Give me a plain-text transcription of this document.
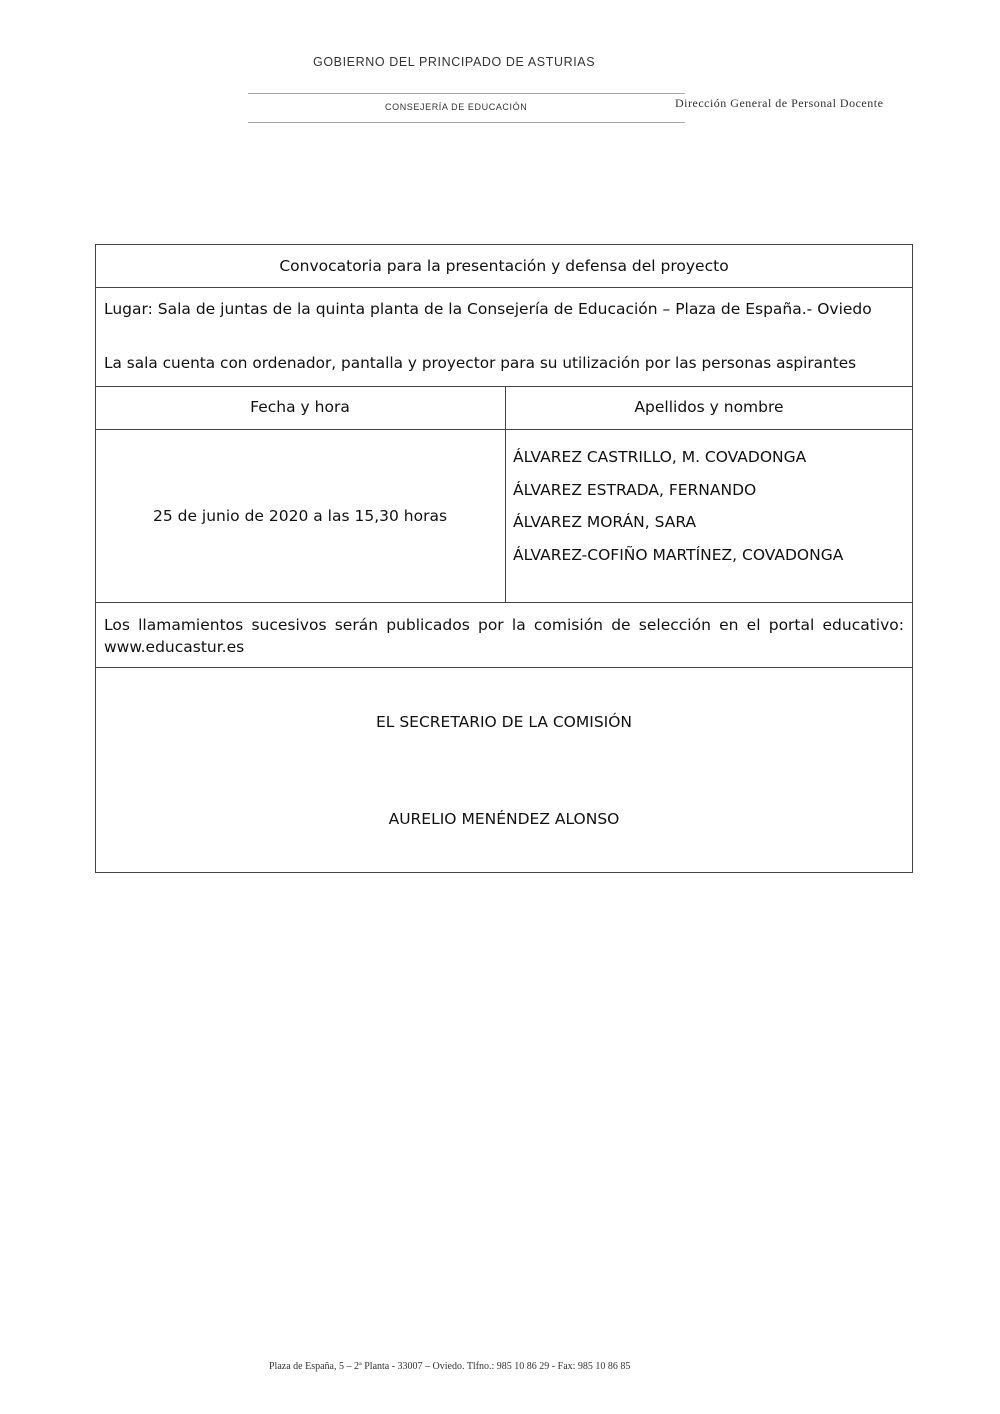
GOBIERNO DEL PRINCIPADO DE ASTURIAS
CONSEJERÍA DE EDUCACIÓN	Dirección General de Personal Docente
Convocatoria para la presentación y defensa del proyecto
Lugar: Sala de juntas de la quinta planta de la Consejería de Educación – Plaza de España.- Oviedo
La sala cuenta con ordenador, pantalla y proyector para su utilización por las personas aspirantes
Fecha y hora	Apellidos y nombre
25 de junio de 2020 a las 15,30 horas
ÁLVAREZ CASTRILLO, M. COVADONGA
ÁLVAREZ ESTRADA, FERNANDO
ÁLVAREZ MORÁN, SARA
ÁLVAREZ-COFIÑO MARTÍNEZ, COVADONGA
Los llamamientos sucesivos serán publicados por la comisión de selección en el portal educativo: www.educastur.es
EL SECRETARIO DE LA COMISIÓN
AURELIO MENÉNDEZ ALONSO
Plaza de España, 5 – 2ª Planta - 33007 – Oviedo. Tlfno.: 985 10 86 29 - Fax: 985 10 86 85
